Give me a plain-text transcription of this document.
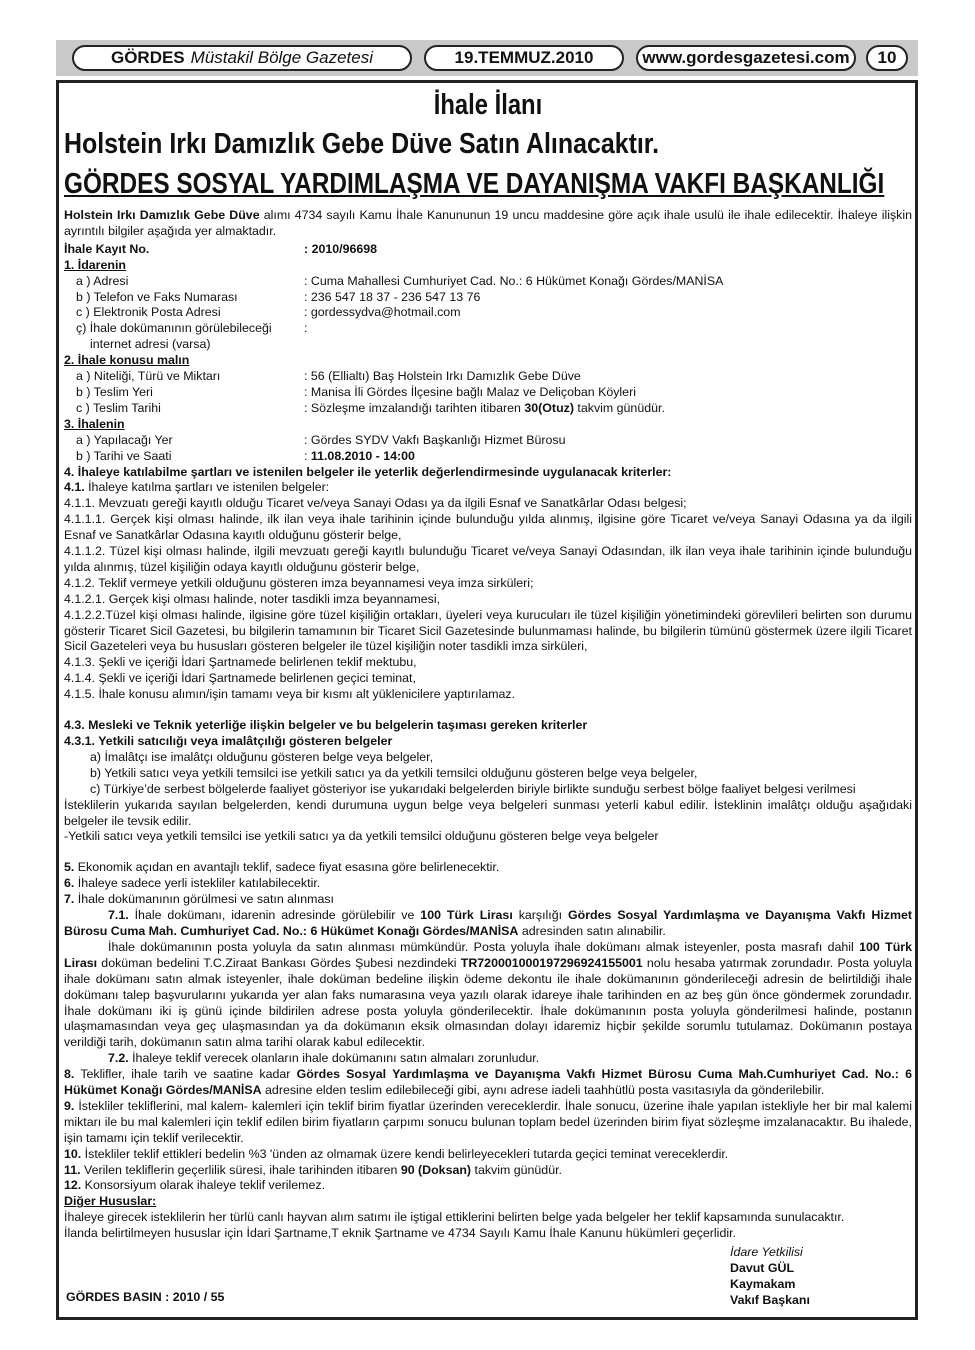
GÖRDES Müstakil Bölge Gazetesi	19.TEMMUZ.2010	www.gordesgazetesi.com 10
İhale İlanı
Holstein Irkı Damızlık Gebe Düve Satın Alınacaktır.
GÖRDES SOSYAL YARDIMLAŞMA VE DAYANIŞMA VAKFI BAŞKANLIĞI

Holstein Irkı Damızlık Gebe Düve alımı 4734 sayılı Kamu İhale Kanununun 19 uncu maddesine göre açık ihale usulü ile ihale edilecektir. İhaleye ilişkin ayrıntılı bilgiler aşağıda yer almaktadır.

İhale Kayıt No.	: 2010/96698

1. İdarenin

a ) Adresi	: Cuma Mahallesi Cumhuriyet Cad. No.: 6 Hükümet Konağı Gördes/MANİSA
b ) Telefon ve Faks Numarası	: 236 547 18 37 - 236 547 13 76
c ) Elektronik Posta Adresi	: gordessydva@hotmail.com
ç) İhale dokümanının görülebileceği	:

internet adresi (varsa)

2. İhale konusu malın

a ) Niteliği, Türü ve Miktarı	: 56 (Ellialtı) Baş Holstein Irkı Damızlık Gebe Düve
b ) Teslim Yeri	: Manisa İli Gördes İlçesine bağlı Malaz ve Deliçoban Köyleri
c ) Teslim Tarihi	: Sözleşme imzalandığı tarihten itibaren 30(Otuz) takvim günüdür.

3. İhalenin

a ) Yapılacağı Yer	: Gördes SYDV Vakfı Başkanlığı Hizmet Bürosu
b ) Tarihi ve Saati	: 11.08.2010 - 14:00

4. İhaleye katılabilme şartları ve istenilen belgeler ile yeterlik değerlendirmesinde uygulanacak kriterler:

4.1. İhaleye katılma şartları ve istenilen belgeler:

4.1.1. Mevzuatı gereği kayıtlı olduğu Ticaret ve/veya Sanayi Odası ya da ilgili Esnaf ve Sanatkârlar Odası belgesi;

4.1.1.1. Gerçek kişi olması halinde, ilk ilan veya ihale tarihinin içinde bulunduğu yılda alınmış, ilgisine göre Ticaret ve/veya Sanayi Odasına ya da ilgili Esnaf ve Sanatkârlar Odasına kayıtlı olduğunu gösterir belge,

4.1.1.2. Tüzel kişi olması halinde, ilgili mevzuatı gereği kayıtlı bulunduğu Ticaret ve/veya Sanayi Odasından, ilk ilan veya ihale tarihinin içinde bulunduğu yılda alınmış, tüzel kişiliğin odaya kayıtlı olduğunu gösterir belge,

4.1.2. Teklif vermeye yetkili olduğunu gösteren imza beyannamesi veya imza sirküleri;

4.1.2.1. Gerçek kişi olması halinde, noter tasdikli imza beyannamesi,

4.1.2.2.Tüzel kişi olması halinde, ilgisine göre tüzel kişiliğin ortakları, üyeleri veya kurucuları ile tüzel kişiliğin yönetimindeki görevlileri belirten son durumu gösterir Ticaret Sicil Gazetesi, bu bilgilerin tamamının bir Ticaret Sicil Gazetesinde bulunmaması halinde, bu bilgilerin tümünü göstermek üzere ilgili Ticaret Sicil Gazeteleri veya bu hususları gösteren belgeler ile tüzel kişiliğin noter tasdikli imza sirküleri,

4.1.3. Şekli ve içeriği İdari Şartnamede belirlenen teklif mektubu,

4.1.4. Şekli ve içeriği İdari Şartnamede belirlenen geçici teminat,

4.1.5. İhale konusu alımın/işin tamamı veya bir kısmı alt yüklenicilere yaptırılamaz.

4.3. Mesleki ve Teknik yeterliğe ilişkin belgeler ve bu belgelerin taşıması gereken kriterler

4.3.1. Yetkili satıcılığı veya imalâtçılığı gösteren belgeler

a) İmalâtçı ise imalâtçı olduğunu gösteren belge veya belgeler,

b) Yetkili satıcı veya yetkili temsilci ise yetkili satıcı ya da yetkili temsilci olduğunu gösteren belge veya belgeler,

c) Türkiye’de serbest bölgelerde faaliyet gösteriyor ise yukarıdaki belgelerden biriyle birlikte sunduğu serbest bölge faaliyet belgesi verilmesi

İsteklilerin yukarıda sayılan belgelerden, kendi durumuna uygun belge veya belgeleri sunması yeterli kabul edilir. İsteklinin imalâtçı olduğu aşağıdaki belgeler ile tevsik edilir.

-Yetkili satıcı veya yetkili temsilci ise yetkili satıcı ya da yetkili temsilci olduğunu gösteren belge veya belgeler

5. Ekonomik açıdan en avantajlı teklif, sadece fiyat esasına göre belirlenecektir.

6. İhaleye sadece yerli istekliler katılabilecektir.

7. İhale dokümanının görülmesi ve satın alınması

7.1. İhale dokümanı, idarenin adresinde görülebilir ve 100 Türk Lirası karşılığı Gördes Sosyal Yardımlaşma ve Dayanışma Vakfı Hizmet Bürosu Cuma Mah. Cumhuriyet Cad. No.: 6 Hükümet Konağı Gördes/MANİSA adresinden satın alınabilir.

İhale dokümanının posta yoluyla da satın alınması mümkündür. Posta yoluyla ihale dokümanı almak isteyenler, posta masrafı dahil 100 Türk Lirası doküman bedelini T.C.Ziraat Bankası Gördes Şubesi nezdindeki TR720001000197296924155001 nolu hesaba yatırmak zorundadır. Posta yoluyla ihale dokümanı satın almak isteyenler, ihale doküman bedeline ilişkin ödeme dekontu ile ihale dokümanının gönderileceği adresin de belirtildiği ihale dokümanı talep başvurularını yukarıda yer alan faks numarasına veya yazılı olarak idareye ihale tarihinden en az beş gün önce göndermek zorundadır. İhale dokümanı iki iş günü içinde bildirilen adrese posta yoluyla gönderilecektir. İhale dokümanının posta yoluyla gönderilmesi halinde, postanın ulaşmamasından veya geç ulaşmasından ya da dokümanın eksik olmasından dolayı idaremiz hiçbir şekilde sorumlu tutulamaz. Dokümanın postaya verildiği tarih, dokümanın satın alma tarihi olarak kabul edilecektir.

7.2. İhaleye teklif verecek olanların ihale dokümanını satın almaları zorunludur.

8. Teklifler, ihale tarih ve saatine kadar Gördes Sosyal Yardımlaşma ve Dayanışma Vakfı Hizmet Bürosu Cuma Mah.Cumhuriyet Cad. No.: 6 Hükümet Konağı Gördes/MANİSA adresine elden teslim edilebileceği gibi, aynı adrese iadeli taahhütlü posta vasıtasıyla da gönderilebilir.

9. İstekliler tekliflerini, mal kalem- kalemleri için teklif birim fiyatlar üzerinden vereceklerdir. İhale sonucu, üzerine ihale yapılan istekliyle her bir mal kalemi miktarı ile bu mal kalemleri için teklif edilen birim fiyatların çarpımı sonucu bulunan toplam bedel üzerinden birim fiyat sözleşme imzalanacaktır. Bu ihalede, işin tamamı için teklif verilecektir.

10. İstekliler teklif ettikleri bedelin %3 'ünden az olmamak üzere kendi belirleyecekleri tutarda geçici teminat vereceklerdir.

11. Verilen tekliflerin geçerlilik süresi, ihale tarihinden itibaren 90 (Doksan) takvim günüdür.

12. Konsorsiyum olarak ihaleye teklif verilemez.

Diğer Hususlar:

İhaleye girecek isteklilerin her türlü canlı hayvan alım satımı ile iştigal ettiklerini belirten belge yada belgeler her teklif kapsamında sunulacaktır.

İlanda belirtilmeyen hususlar için İdari Şartname,T eknik Şartname ve 4734 Sayılı Kamu İhale Kanunu hükümleri geçerlidir.

İdare Yetkilisi
Davut GÜL
Kaymakam
Vakıf Başkanı
GÖRDES BASIN : 2010 / 55
